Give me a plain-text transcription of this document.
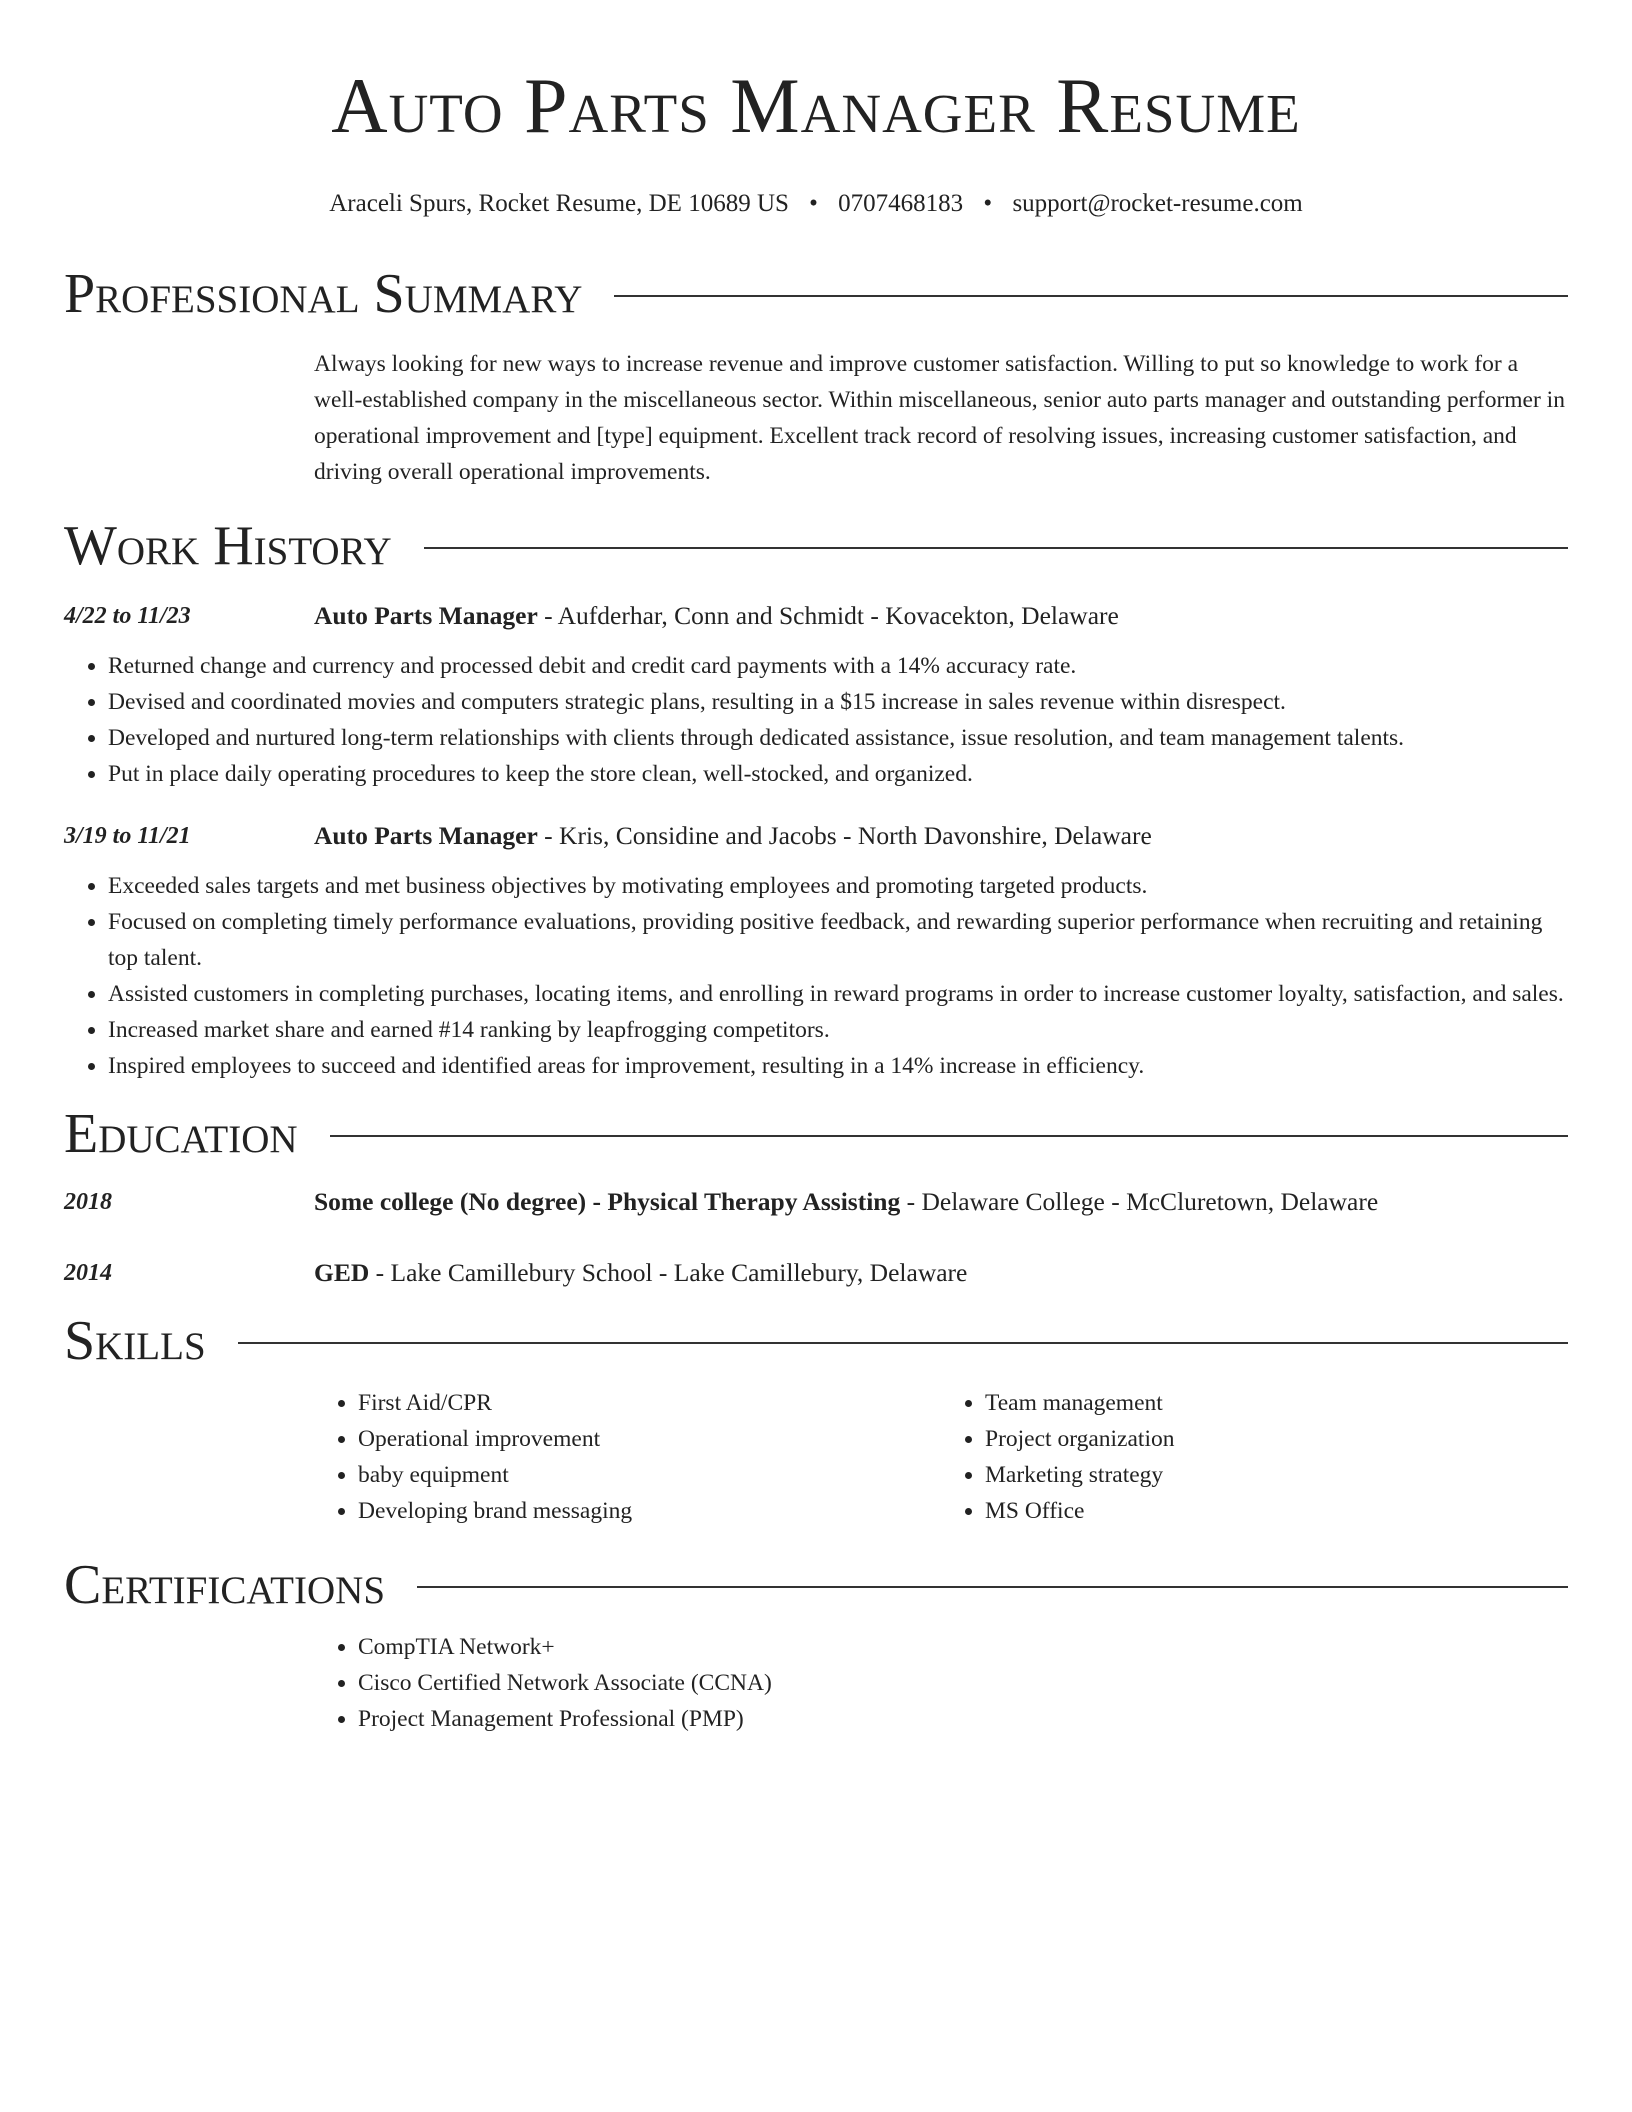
Auto Parts Manager Resume
Araceli Spurs, Rocket Resume, DE 10689 US • 0707468183 • support@rocket-resume.com
Professional Summary

Always looking for new ways to increase revenue and improve customer satisfaction. Willing to put so knowledge to work for a well-established company in the miscellaneous sector. Within miscellaneous, senior auto parts manager and outstanding performer in operational improvement and [type] equipment. Excellent track record of resolving issues, increasing customer satisfaction, and driving overall operational improvements.

Work History
4/22 to 11/23	Auto Parts Manager - Aufderhar, Conn and Schmidt - Kovacekton, Delaware
• Returned change and currency and processed debit and credit card payments with a 14% accuracy rate.
• Devised and coordinated movies and computers strategic plans, resulting in a $15 increase in sales revenue within disrespect.
• Developed and nurtured long-term relationships with clients through dedicated assistance, issue resolution, and team management talents.
• Put in place daily operating procedures to keep the store clean, well-stocked, and organized.
3/19 to 11/21	Auto Parts Manager - Kris, Considine and Jacobs - North Davonshire, Delaware
• Exceeded sales targets and met business objectives by motivating employees and promoting targeted products.
• Focused on completing timely performance evaluations, providing positive feedback, and rewarding superior performance when recruiting and retaining top talent.
• Assisted customers in completing purchases, locating items, and enrolling in reward programs in order to increase customer loyalty, satisfaction, and sales.
• Increased market share and earned #14 ranking by leapfrogging competitors.
• Inspired employees to succeed and identified areas for improvement, resulting in a 14% increase in efficiency.
Education
2018	Some college (No degree) - Physical Therapy Assisting - Delaware College - McCluretown, Delaware
2014	GED - Lake Camillebury School - Lake Camillebury, Delaware
Skills
• First Aid/CPR
• Operational improvement
• baby equipment
• Developing brand messaging
• Team management
• Project organization
• Marketing strategy
• MS Office
Certifications
• CompTIA Network+
• Cisco Certified Network Associate (CCNA)
• Project Management Professional (PMP)
